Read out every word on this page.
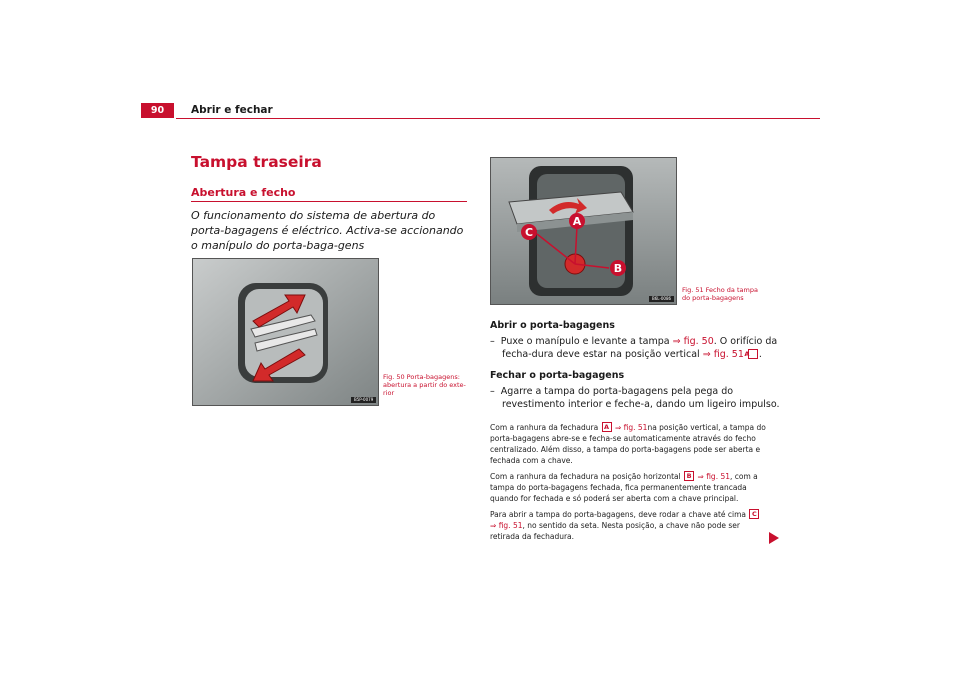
90	Abrir e fechar
Tampa traseira
Abertura e fecho
O funcionamento do sistema de abertura do porta-bagagens é eléctrico. Activa-se accionando o manípulo do porta-baga-gens
B5P-0079
Fig. 50 Porta-bagagens: abertura a partir do exte-rior
A
C
B
B6L-0086
Fig. 51 Fecho da tampa do porta-bagagens
Abrir o porta-bagagens
– Puxe o manípulo e levante a tampa ⇒ fig. 50. O orifício da fecha-dura deve estar na posição vertical ⇒ fig. 51 A .
Fechar o porta-bagagens
– Agarre a tampa do porta-bagagens pela pega do revestimento interior e feche-a, dando um ligeiro impulso.
Com a ranhura da fechadura A ⇒ fig. 51na posição vertical, a tampa do porta-bagagens abre-se e fecha-se automaticamente através do fecho centralizado. Além disso, a tampa do porta-bagagens pode ser aberta e fechada com a chave.
Com a ranhura da fechadura na posição horizontal B ⇒ fig. 51, com a tampa do porta-bagagens fechada, fica permanentemente trancada quando for fechada e só poderá ser aberta com a chave principal.
Para abrir a tampa do porta-bagagens, deve rodar a chave até cima C
⇒ fig. 51, no sentido da seta. Nesta posição, a chave não pode ser retirada da fechadura.
